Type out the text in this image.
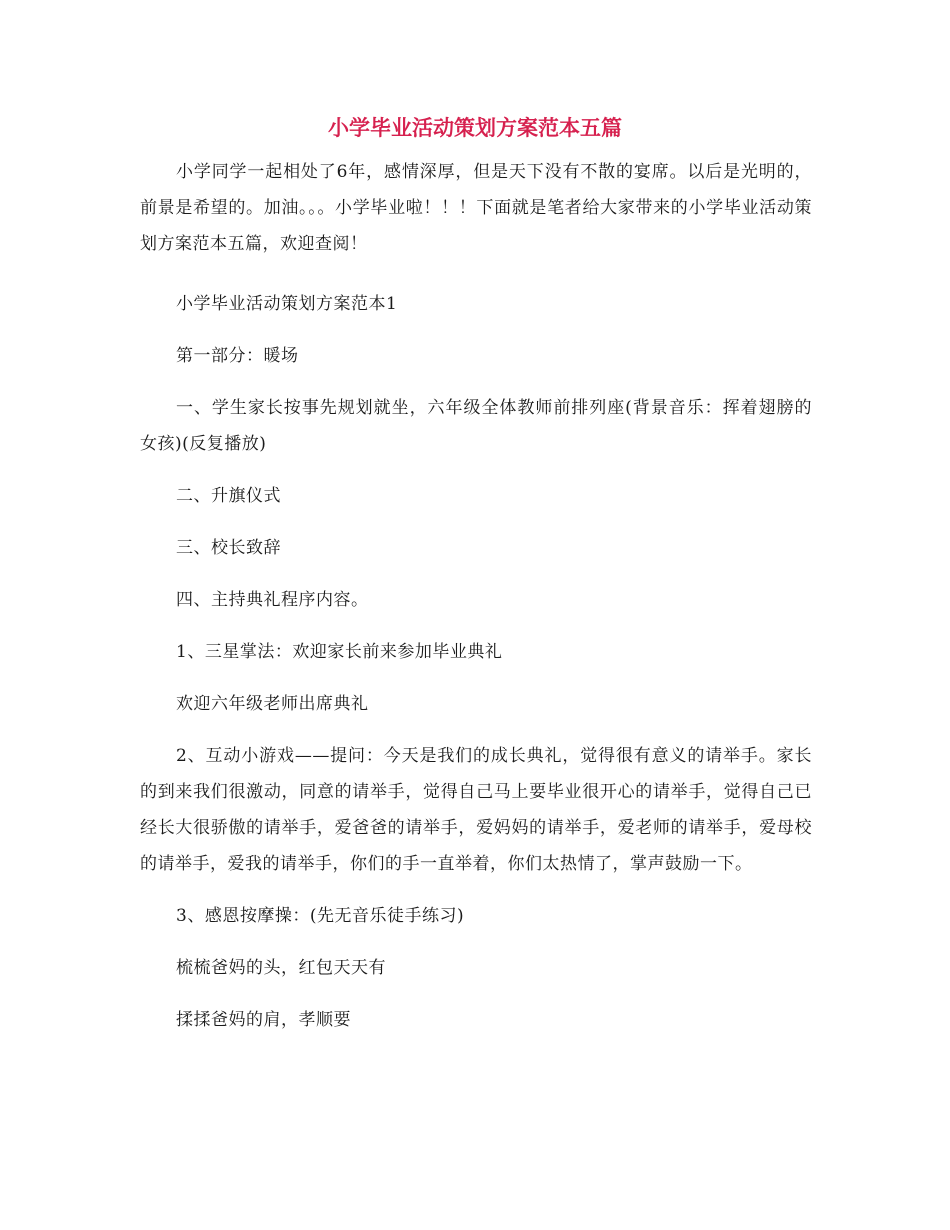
小学毕业活动策划方案范本五篇

小学同学一起相处了6年，感情深厚，但是天下没有不散的宴席。以后是光明的，前景是希望的。加油。。。小学毕业啦！！！下面就是笔者给大家带来的小学毕业活动策划方案范本五篇，欢迎查阅！

小学毕业活动策划方案范本1

第一部分：暖场

一、学生家长按事先规划就坐，六年级全体教师前排列座(背景音乐：挥着翅膀的女孩)(反复播放)

二、升旗仪式

三、校长致辞

四、主持典礼程序内容。

1、三星掌法：欢迎家长前来参加毕业典礼

欢迎六年级老师出席典礼

2、互动小游戏——提问：今天是我们的成长典礼，觉得很有意义的请举手。家长的到来我们很激动，同意的请举手，觉得自己马上要毕业很开心的请举手，觉得自己已经长大很骄傲的请举手，爱爸爸的请举手，爱妈妈的请举手，爱老师的请举手，爱母校的请举手，爱我的请举手，你们的手一直举着，你们太热情了，掌声鼓励一下。

3、感恩按摩操：(先无音乐徒手练习)

梳梳爸妈的头，红包天天有

揉揉爸妈的肩，孝顺要
